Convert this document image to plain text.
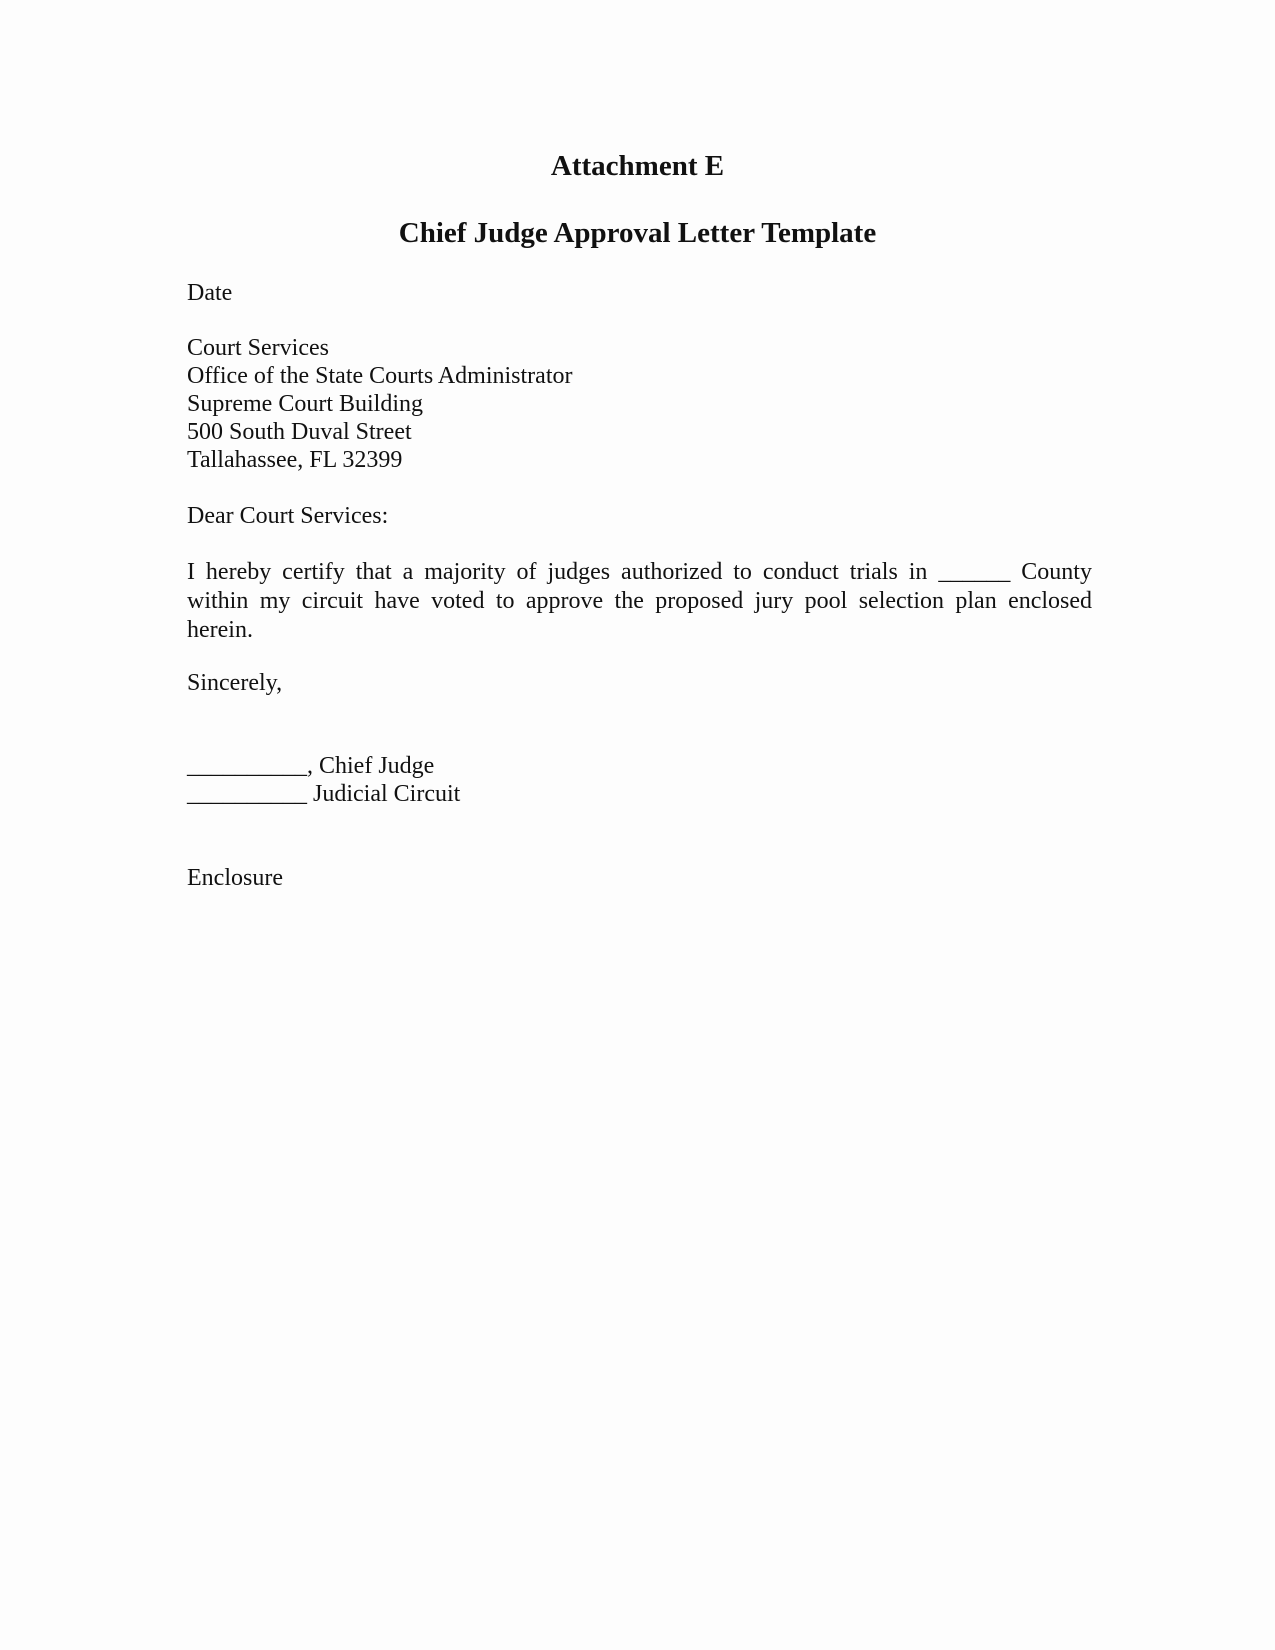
Attachment E
Chief Judge Approval Letter Template

Date

Court Services

Office of the State Courts Administrator

Supreme Court Building

500 South Duval Street

Tallahassee, FL 32399

Dear Court Services:

I hereby certify that a majority of judges authorized to conduct trials in ______ County
within my circuit have voted to approve the proposed jury pool selection plan enclosed
herein.

Sincerely,

__________, Chief Judge

__________ Judicial Circuit

Enclosure
